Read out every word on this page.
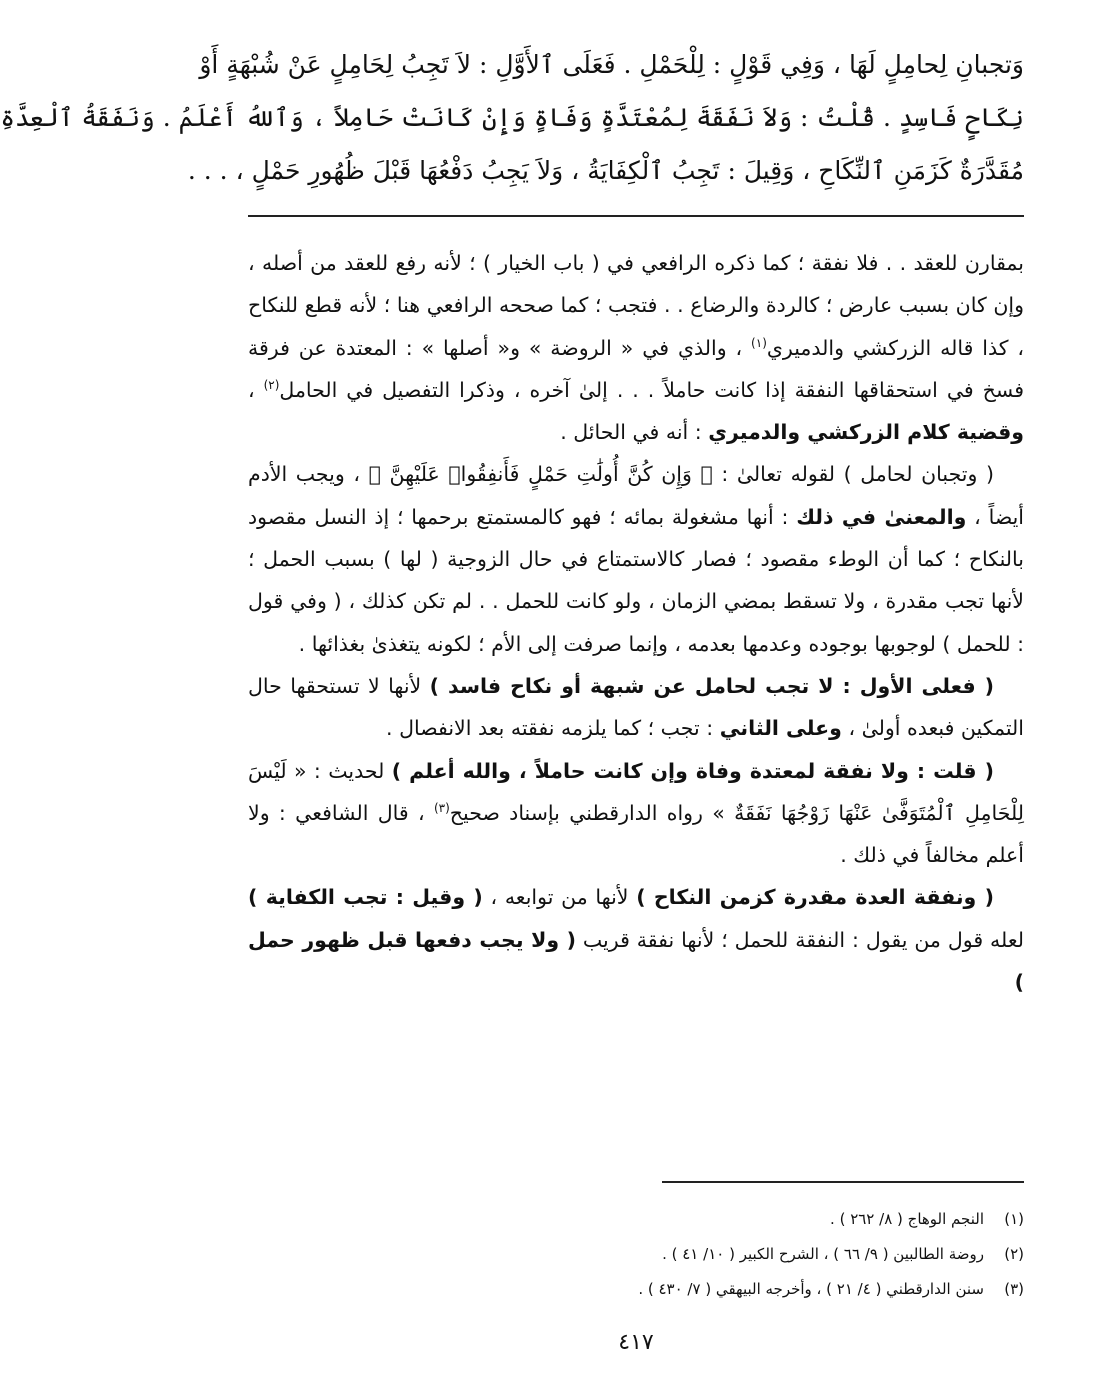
وَتجبانِ لِحامِلٍ لَهَا ، وَفِي قَوْلٍ : لِلْحَمْلِ . فَعَلَى ٱلأَوَّلِ : لاَ تَجِبُ لِحَامِلٍ عَنْ شُبْهَةٍ أَوْ
نِكَاحٍ فَاسِدٍ . قُلْتُ : وَلاَ نَفَقَةَ لِمُعْتَدَّةٍ وَفَاةٍ وَإِنْ كَانَتْ حَامِلاً ، وَٱللهُ أَعْلَمُ . وَنَفَقَةُ ٱلْعِدَّةِ
مُقَدَّرَةٌ كَزَمَنِ ٱلنِّكَاحِ ، وَقِيلَ : تَجِبُ ٱلْكِفَايَةُ ، وَلاَ يَجِبُ دَفْعُهَا قَبْلَ ظُهُورِ حَمْلٍ ، . . .

بمقارن للعقد . . فلا نفقة ؛ كما ذكره الرافعي في ( باب الخيار ) ؛ لأنه رفع للعقد من أصله ، وإن كان بسبب عارض ؛ كالردة والرضاع . . فتجب ؛ كما صححه الرافعي هنا ؛ لأنه قطع للنكاح ، كذا قاله الزركشي والدميري$^{(١)}$ ، والذي في « الروضة » و« أصلها » : المعتدة عن فرقة فسخ في استحقاقها النفقة إذا كانت حاملاً . . . إلىٰ آخره ، وذكرا التفصيل في الحامل$^{(٢)}$ ، وقضية كلام الزركشي والدميري : أنه في الحائل .

( وتجبان لحامل ) لقوله تعالىٰ : ﴿ وَإِن كُنَّ أُولَٰتِ حَمْلٍ فَأَنفِقُوا۟ عَلَيْهِنَّ ﴾ ، ويجب الأدم أيضاً ، والمعنىٰ في ذلك : أنها مشغولة بمائه ؛ فهو كالمستمتع برحمها ؛ إذ النسل مقصود بالنكاح ؛ كما أن الوطء مقصود ؛ فصار كالاستمتاع في حال الزوجية ( لها ) بسبب الحمل ؛ لأنها تجب مقدرة ، ولا تسقط بمضي الزمان ، ولو كانت للحمل . . لم تكن كذلك ، ( وفي قول : للحمل ) لوجوبها بوجوده وعدمها بعدمه ، وإنما صرفت إلى الأم ؛ لكونه يتغذىٰ بغذائها .

( فعلى الأول : لا تجب لحامل عن شبهة أو نكاح فاسد ) لأنها لا تستحقها حال التمكين فبعده أولىٰ ، وعلى الثاني : تجب ؛ كما يلزمه نفقته بعد الانفصال .

( قلت : ولا نفقة لمعتدة وفاة وإن كانت حاملاً ، والله أعلم ) لحديث : « لَيْسَ لِلْحَامِلِ ٱلْمُتَوَفَّىٰ عَنْهَا زَوْجُهَا نَفَقَةٌ » رواه الدارقطني بإسناد صحيح$^{(٣)}$ ، قال الشافعي : ولا أعلم مخالفاً في ذلك .

( ونفقة العدة مقدرة كزمن النكاح ) لأنها من توابعه ، ( وقيل : تجب الكفاية ) لعله قول من يقول : النفقة للحمل ؛ لأنها نفقة قريب ( ولا يجب دفعها قبل ظهور حمل )

(١)النجم الوهاج ( ٨/ ٢٦٢ ) .
(٢)روضة الطالبين ( ٩/ ٦٦ ) ، الشرح الكبير ( ١٠/ ٤١ ) .
(٣)سنن الدارقطني ( ٤/ ٢١ ) ، وأخرجه البيهقي ( ٧/ ٤٣٠ ) .
٤١٧
